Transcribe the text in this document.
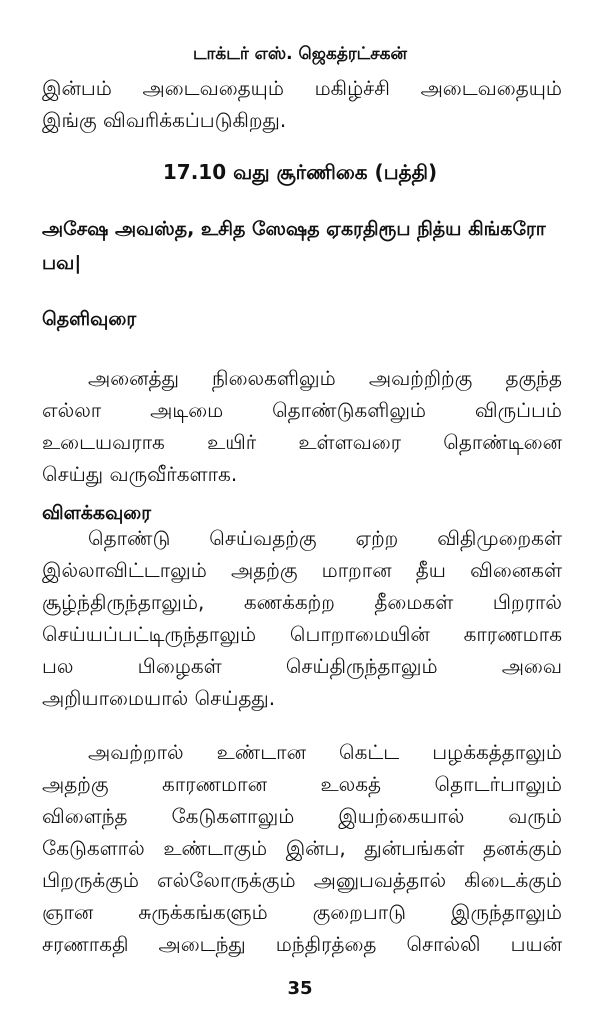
டாக்டர் எஸ். ஜெகத்ரட்சகன்
இன்பம் அடைவதையும் மகிழ்ச்சி அடைவதையும்
இங்கு விவரிக்கப்படுகிறது.
17.10 வது சூர்ணிகை (பத்தி)
அசேஷ அவஸ்த, உசித ஸேஷத ஏகரதிரூப நித்ய கிங்கரோ
பவ|
தெளிவுரை
அனைத்து நிலைகளிலும் அவற்றிற்கு தகுந்த
எல்லா அடிமை தொண்டுகளிலும் விருப்பம்
உடையவராக உயிர் உள்ளவரை தொண்டினை
செய்து வருவீர்களாக.
விளக்கவுரை
தொண்டு செய்வதற்கு ஏற்ற விதிமுறைகள்
இல்லாவிட்டாலும் அதற்கு மாறான தீய வினைகள்
சூழ்ந்திருந்தாலும், கணக்கற்ற தீமைகள் பிறரால்
செய்யப்பட்டிருந்தாலும் பொறாமையின் காரணமாக
பல பிழைகள் செய்திருந்தாலும் அவை
அறியாமையால் செய்தது.
அவற்றால் உண்டான கெட்ட பழக்கத்தாலும்
அதற்கு காரணமான உலகத் தொடர்பாலும்
விளைந்த கேடுகளாலும் இயற்கையால் வரும்
கேடுகளால் உண்டாகும் இன்ப, துன்பங்கள் தனக்கும்
பிறருக்கும் எல்லோருக்கும் அனுபவத்தால் கிடைக்கும்
ஞான சுருக்கங்களும் குறைபாடு இருந்தாலும்
சரணாகதி அடைந்து மந்திரத்தை சொல்லி பயன்
35
